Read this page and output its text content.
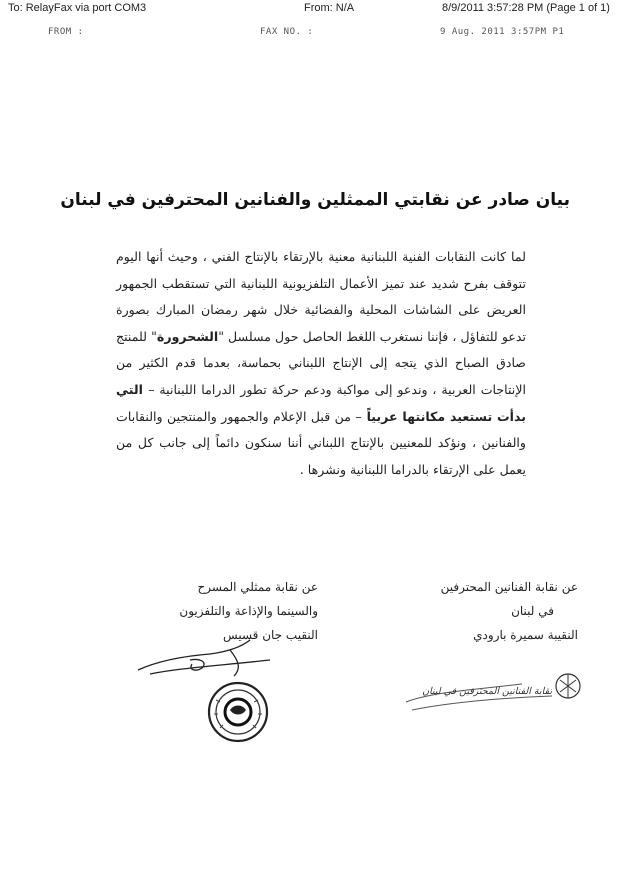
To: RelayFax via port COM3	From: N/A	8/9/2011 3:57:28 PM (Page 1 of 1)
FROM :	FAX NO. :	9 Aug. 2011 3:57PM P1
بيان صادر عن نقابتي الممثلين والفنانين المحترفين في لبنان
لما كانت النقابات الفنية اللبنانية معنية بالإرتقاء بالإنتاج الفني ، وحيث أنها اليوم تتوقف بفرح شديد عند تميز الأعمال التلفزيونية اللبنانية التي تستقطب الجمهور العريض على الشاشات المحلية والفضائية خلال شهر رمضان المبارك بصورة تدعو للتفاؤل ، فإننا نستغرب اللغط الحاصل حول مسلسل "الشحرورة" للمنتج صادق الصباح الذي يتجه إلى الإنتاج اللبناني بحماسة، بعدما قدم الكثير من الإنتاجات العربية ، وندعو إلى مواكبة ودعم حركة تطور الدراما اللبنانية – التي بدأت تستعيد مكانتها عربياً – من قبل الإعلام والجمهور والمنتجين والنقابات والفنانين ، ونؤكد للمعنيين بالإنتاج اللبناني أننا سنكون دائماً إلى جانب كل من يعمل على الإرتقاء بالدراما اللبنانية ونشرها .
عن نقابة الفنانين المحترفين
في لبنان
النقيبة سميرة بارودي
عن نقابة ممثلي المسرح
والسينما والإذاعة والتلفزيون
النقيب جان قسيس
نقابة الفنانين المحترفين في لبنان
